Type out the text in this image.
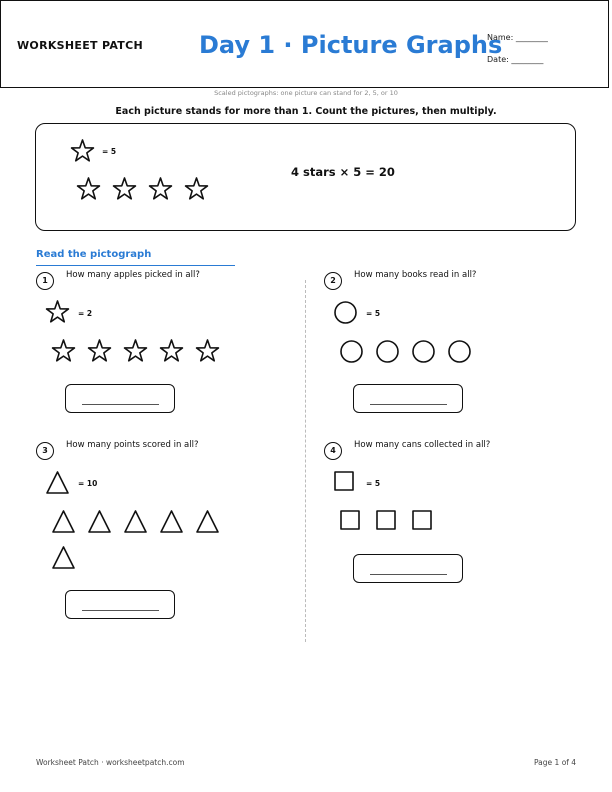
WORKSHEET PATCH Day 1 · Picture Graphs
Name: ________
Date: ________
Scaled pictographs: one picture can stand for 2, 5, or 10
Each picture stands for more than 1. Count the pictures, then multiply.
4 stars × 5 = 20
= 5
Read the pictograph
1
How many apples picked in all?
= 2
2
How many books read in all?
= 5
3
How many points scored in all?
= 10
4
How many cans collected in all?
= 5
Worksheet Patch · worksheetpatch.com	Page 1 of 4
